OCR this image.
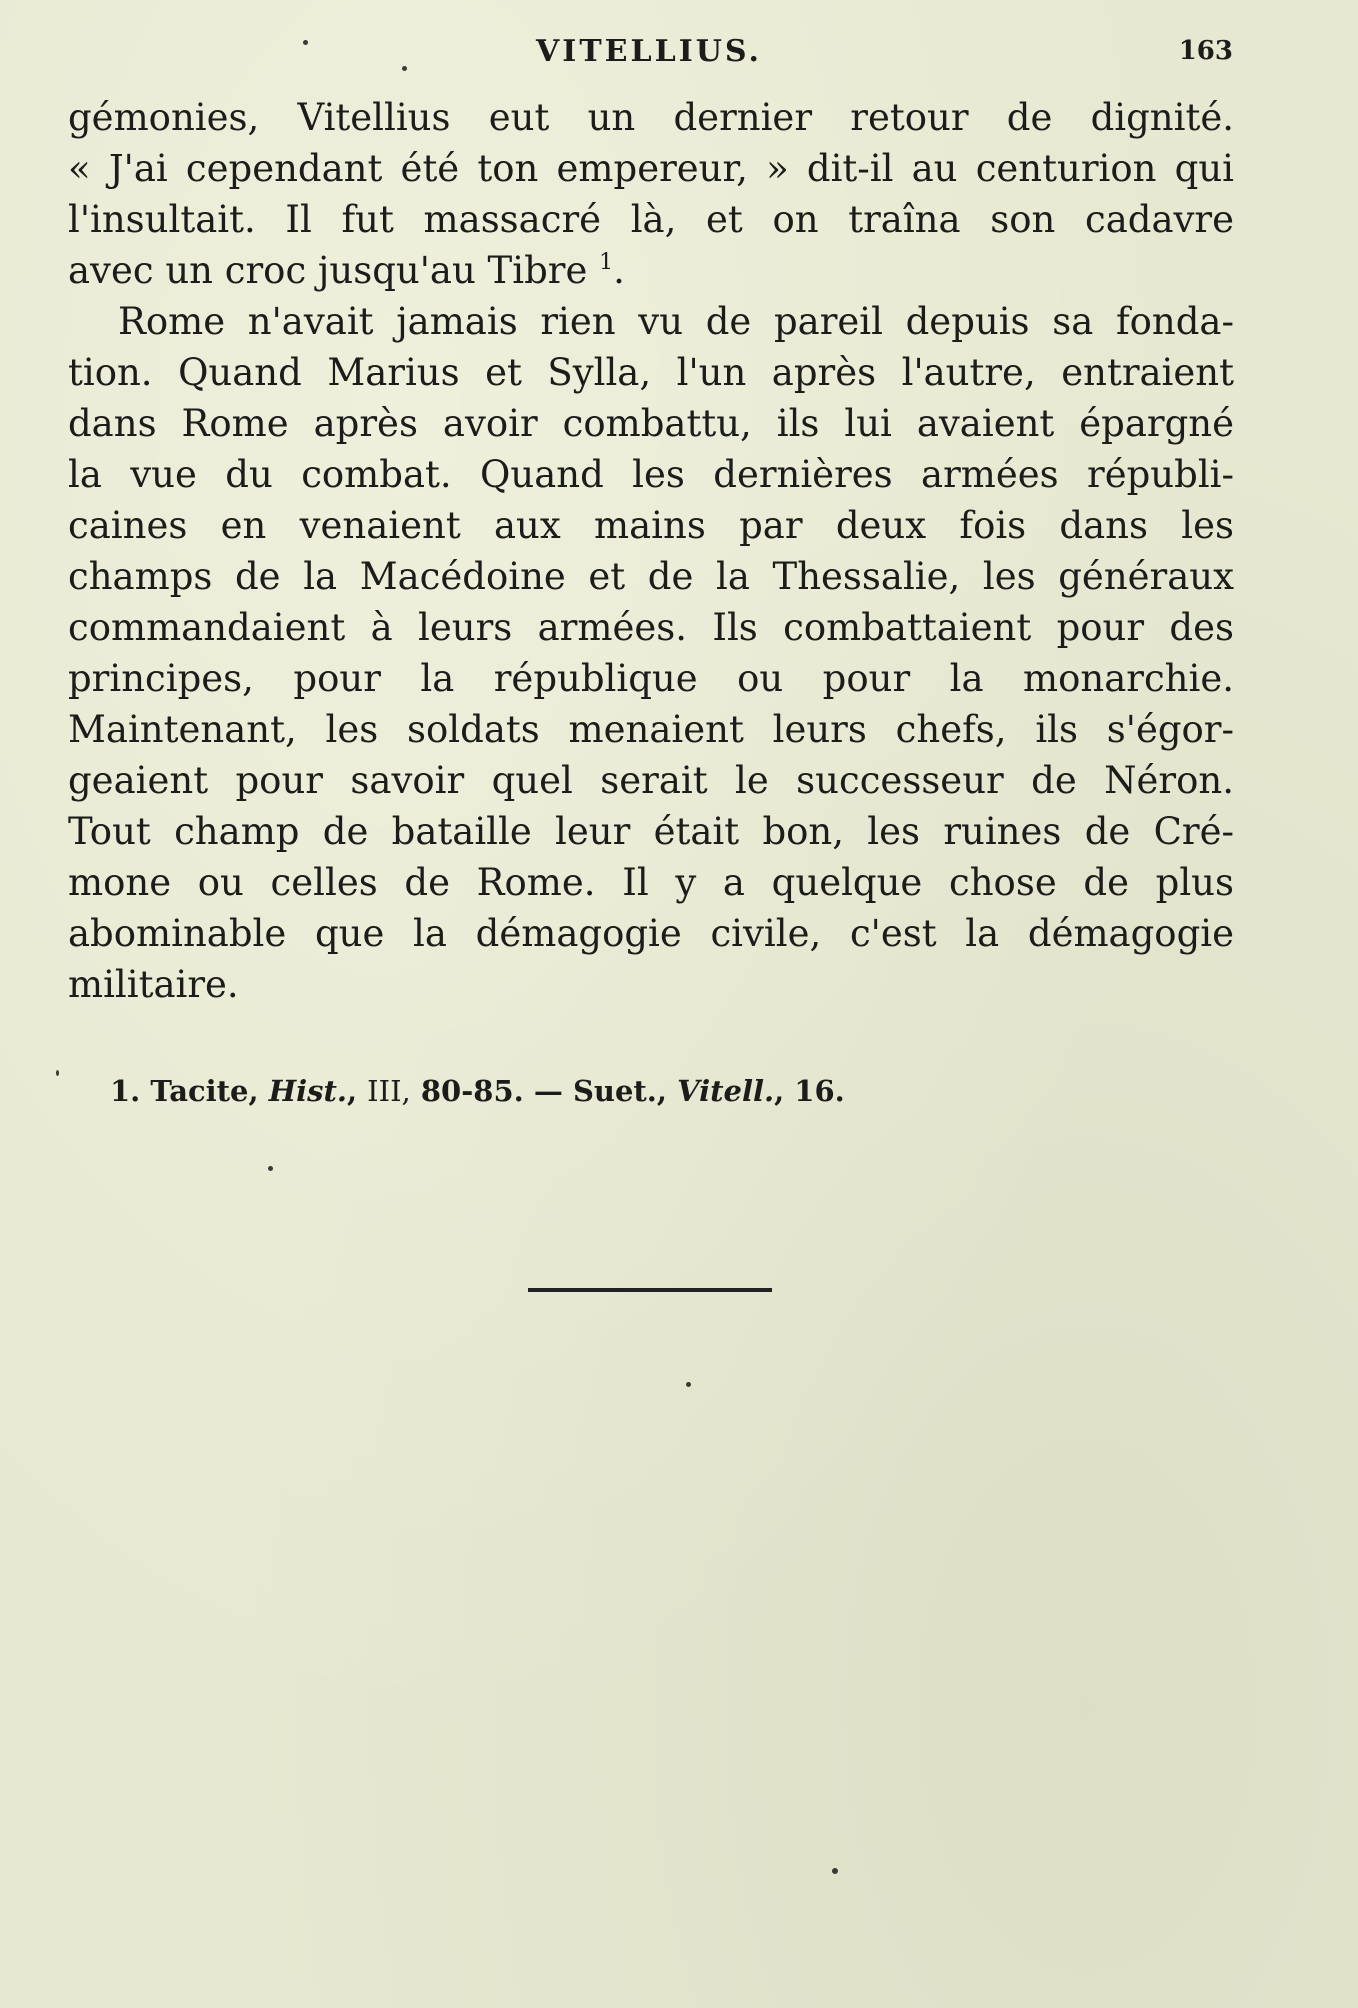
VITELLIUS.	163
gémonies, Vitellius eut un dernier retour de dignité.
« J'ai cependant été ton empereur, » dit-il au centurion qui
l'insultait. Il fut massacré là, et on traîna son cadavre
avec un croc jusqu'au Tibre $^1$.
Rome n'avait jamais rien vu de pareil depuis sa fonda-
tion. Quand Marius et Sylla, l'un après l'autre, entraient
dans Rome après avoir combattu, ils lui avaient épargné
la vue du combat. Quand les dernières armées républi-
caines en venaient aux mains par deux fois dans les
champs de la Macédoine et de la Thessalie, les généraux
commandaient à leurs armées. Ils combattaient pour des
principes, pour la république ou pour la monarchie.
Maintenant, les soldats menaient leurs chefs, ils s'égor-
geaient pour savoir quel serait le successeur de Néron.
Tout champ de bataille leur était bon, les ruines de Cré-
mone ou celles de Rome. Il y a quelque chose de plus
abominable que la démagogie civile, c'est la démagogie
militaire.
1. Tacite, Hist., III, 80-85. — Suet., Vitell., 16.
